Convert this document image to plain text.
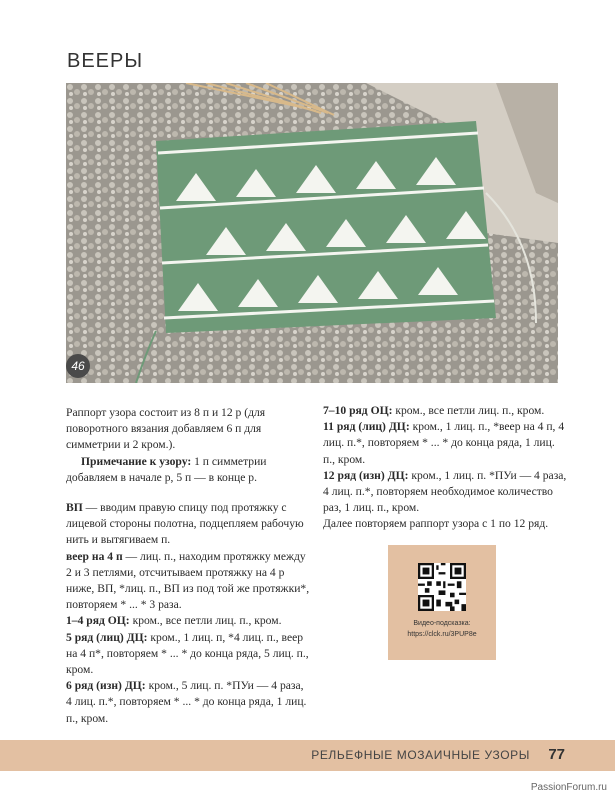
ВЕЕРЫ
46

Раппорт узора состоит из 8 п и 12 р (для поворотного вязания добавляем 6 п для симметрии и 2 кром.).

Примечание к узору: 1 п симметрии добавляем в начале р, 5 п — в конце р.

ВП — вводим правую спицу под протяжку с лицевой стороны полотна, подцепляем рабочую нить и вытягиваем п.

веер на 4 п — лиц. п., находим протяжку между 2 и 3 петлями, отсчитываем протяжку на 4 р ниже, ВП, *лиц. п., ВП из под той же протяжки*, повторяем * ... * 3 раза.

1–4 ряд ОЦ: кром., все петли лиц. п., кром.

5 ряд (лиц) ДЦ: кром., 1 лиц. п, *4 лиц. п., веер на 4 п*, повторяем * ... * до конца ряда, 5 лиц. п., кром.

6 ряд (изн) ДЦ: кром., 5 лиц. п. *ПУи — 4 раза, 4 лиц. п.*, повторяем * ... * до конца ряда, 1 лиц. п., кром.

7–10 ряд ОЦ: кром., все петли лиц. п., кром.

11 ряд (лиц) ДЦ: кром., 1 лиц. п., *веер на 4 п, 4 лиц. п.*, повторяем * ... * до конца ряда, 1 лиц. п., кром.

12 ряд (изн) ДЦ: кром., 1 лиц. п. *ПУи — 4 раза, 4 лиц. п.*, повторяем необходимое количество раз, 1 лиц. п., кром.

Далее повторяем раппорт узора с 1 по 12 ряд.

Видео-подсказка:
https://clck.ru/3PUP8e
РЕЛЬЕФНЫЕ МОЗАИЧНЫЕ УЗОРЫ 77
PassionForum.ru
